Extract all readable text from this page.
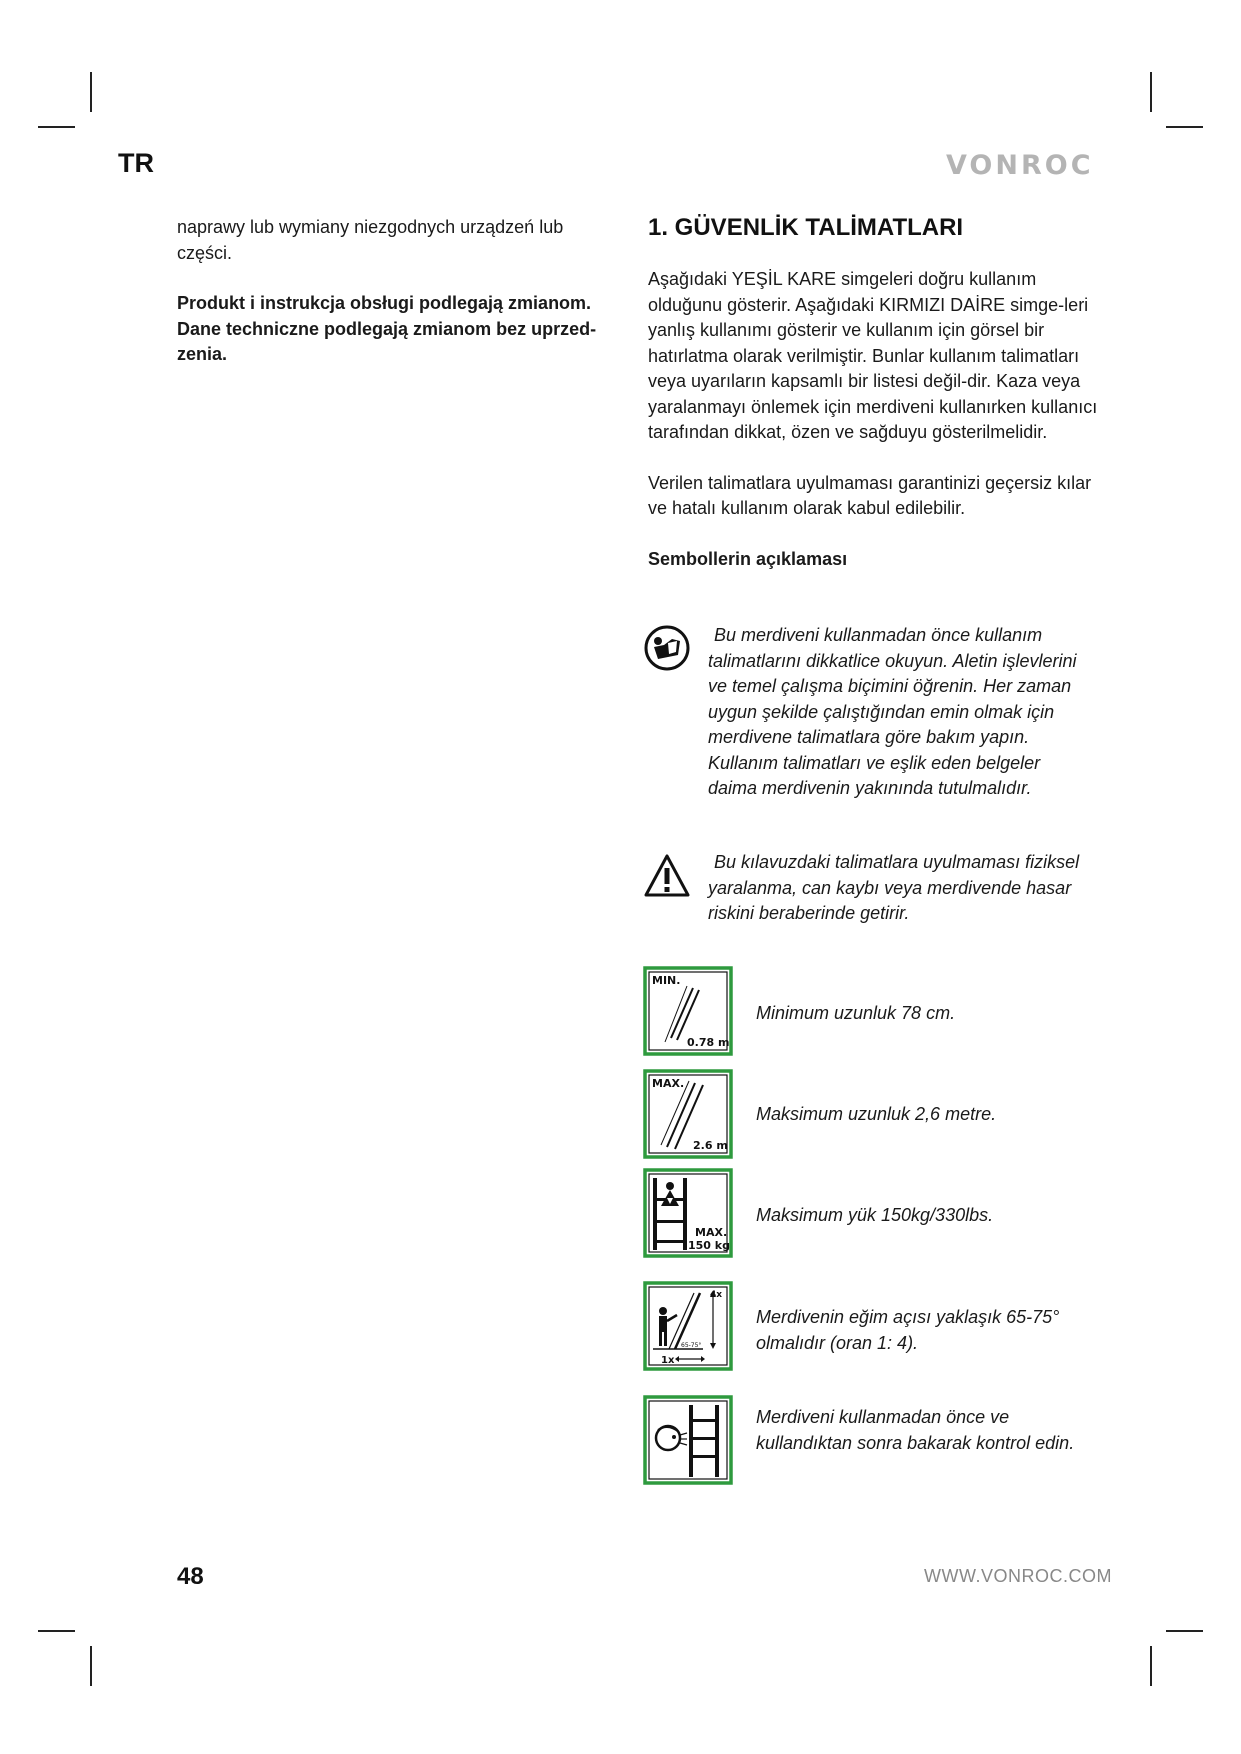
TR	VONROC

naprawy lub wymiany niezgodnych urządzeń lub części.

Produkt i instrukcja obsługi podlegają zmianom. Dane techniczne podlegają zmianom bez uprzed-zenia.

1. GÜVENLİK TALİMATLARI

Aşağıdaki YEŞİL KARE simgeleri doğru kullanım olduğunu gösterir. Aşağıdaki KIRMIZI DAİRE simge-leri yanlış kullanımı gösterir ve kullanım için görsel bir hatırlatma olarak verilmiştir. Bunlar kullanım talimatları veya uyarıların kapsamlı bir listesi değil-dir. Kaza veya yaralanmayı önlemek için merdiveni kullanırken kullanıcı tarafından dikkat, özen ve sağduyu gösterilmelidir.

Verilen talimatlara uyulmaması garantinizi geçersiz kılar ve hatalı kullanım olarak kabul edilebilir.

Sembollerin açıklaması
Bu merdiveni kullanmadan önce kullanım talimatlarını dikkatlice okuyun. Aletin işlevlerini ve temel çalışma biçimini öğrenin. Her zaman uygun şekilde çalıştığından emin olmak için merdivene talimatlara göre bakım yapın. Kullanım talimatları ve eşlik eden belgeler daima merdivenin yakınında tutulmalıdır.
Bu kılavuzdaki talimatlara uyulmaması fiziksel yaralanma, can kaybı veya merdivende hasar riskini beraberinde getirir.
MIN.
0.78 m
Minimum uzunluk 78 cm.
MAX.
2.6 m
Maksimum uzunluk 2,6 metre.
MAX.
150 kg
Maksimum yük 150kg/330lbs.
4x
65-75°
1x
Merdivenin eğim açısı yaklaşık 65-75° olmalıdır (oran 1: 4).
Merdiveni kullanmadan önce ve kullandıktan sonra bakarak kontrol edin.
48	WWW.VONROC.COM
